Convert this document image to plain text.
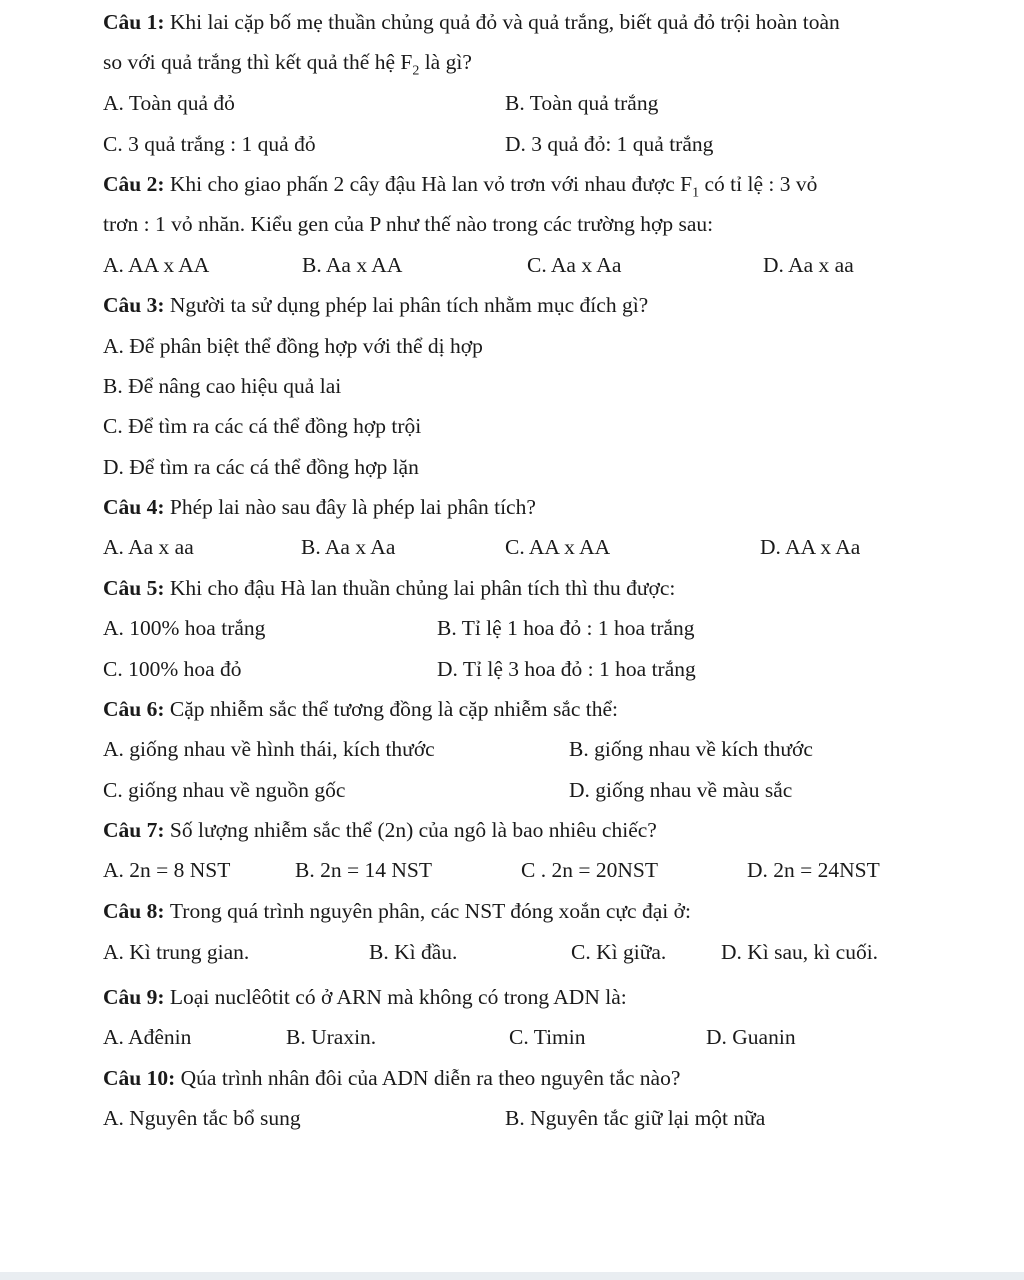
Câu 1: Khi lai cặp bố mẹ thuần chủng quả đỏ và quả trắng, biết quả đỏ trội hoàn toàn
so với quả trắng thì kết quả thế hệ $F_2$ là gì?
A. Toàn quả đỏ	B. Toàn quả trắng
C. 3 quả trắng : 1 quả đỏ	D. 3 quả đỏ: 1 quả trắng
Câu 2: Khi cho giao phấn 2 cây đậu Hà lan vỏ trơn với nhau được $F_1$ có tỉ lệ : 3 vỏ
trơn : 1 vỏ nhăn. Kiểu gen của P như thế nào trong các trường hợp sau:
A. AA x AA	B. Aa x AA	C. Aa x Aa	D. Aa x aa
Câu 3: Người ta sử dụng phép lai phân tích nhằm mục đích gì?
A. Để phân biệt thể đồng hợp với thể dị hợp
B. Để nâng cao hiệu quả lai
C. Để tìm ra các cá thể đồng hợp trội
D. Để tìm ra các cá thể đồng hợp lặn
Câu 4: Phép lai nào sau đây là phép lai phân tích?
A. Aa x aa	B. Aa x Aa	C. AA x AA	D. AA x Aa
Câu 5: Khi cho đậu Hà lan thuần chủng lai phân tích thì thu được:
A. 100% hoa trắng	B. Tỉ lệ 1 hoa đỏ : 1 hoa trắng
C. 100% hoa đỏ	D. Tỉ lệ 3 hoa đỏ : 1 hoa trắng
Câu 6: Cặp nhiễm sắc thể tương đồng là cặp nhiễm sắc thể:
A. giống nhau về hình thái, kích thước	B. giống nhau về kích thước
C. giống nhau về nguồn gốc	D. giống nhau về màu sắc
Câu 7: Số lượng nhiễm sắc thể (2n) của ngô là bao nhiêu chiếc?
A. 2n = 8 NST	B. 2n = 14 NST	C . 2n = 20NST	D. 2n = 24NST
Câu 8: Trong quá trình nguyên phân, các NST đóng xoắn cực đại ở:
A. Kì trung gian.	B. Kì đầu.	C. Kì giữa.	D. Kì sau, kì cuối.
Câu 9: Loại nuclêôtit có ở ARN mà không có trong ADN là:
A. Ađênin	B. Uraxin.	C. Timin	D. Guanin
Câu 10: Qúa trình nhân đôi của ADN diễn ra theo nguyên tắc nào?
A. Nguyên tắc bổ sung	B. Nguyên tắc giữ lại một nữa
